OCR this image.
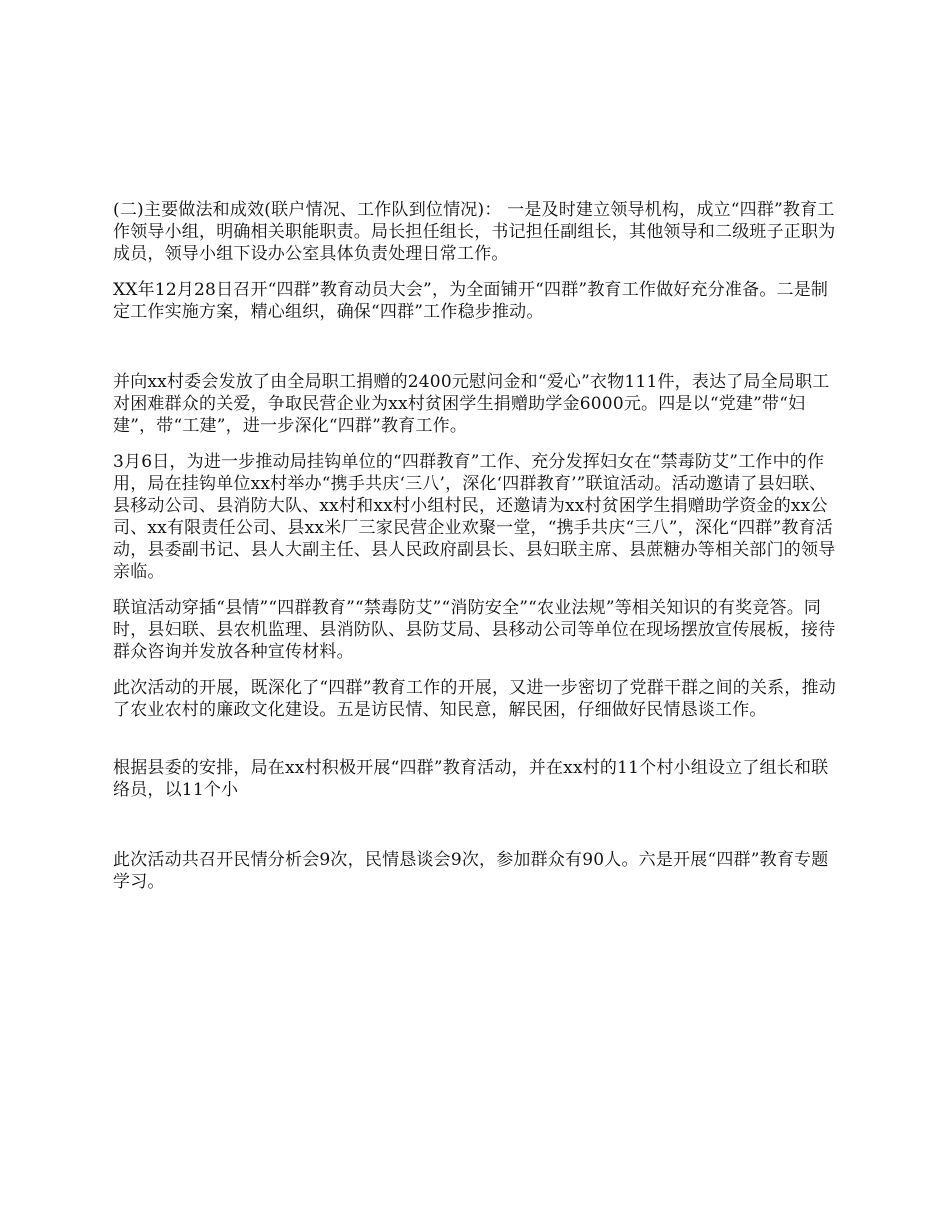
(二)主要做法和成效(联户情况、工作队到位情况)： 一是及时建立领导机构，成立“四群”教育工作领导小组，明确相关职能职责。局长担任组长，书记担任副组长，其他领导和二级班子正职为成员，领导小组下设办公室具体负责处理日常工作。

XX年12月28日召开“四群”教育动员大会”，为全面铺开“四群”教育工作做好充分准备。二是制定工作实施方案，精心组织，确保“四群”工作稳步推动。

并向xx村委会发放了由全局职工捐赠的2400元慰问金和“爱心”衣物111件，表达了局全局职工对困难群众的关爱，争取民营企业为xx村贫困学生捐赠助学金6000元。四是以“党建”带“妇建”，带“工建”，进一步深化“四群”教育工作。

3月6日，为进一步推动局挂钩单位的“四群教育”工作、充分发挥妇女在“禁毒防艾”工作中的作用，局在挂钩单位xx村举办“携手共庆‘三八’，深化‘四群教育’”联谊活动。活动邀请了县妇联、县移动公司、县消防大队、xx村和xx村小组村民，还邀请为xx村贫困学生捐赠助学资金的xx公司、xx有限责任公司、县xx米厂三家民营企业欢聚一堂，“携手共庆“三八”，深化“四群”教育活动，县委副书记、县人大副主任、县人民政府副县长、县妇联主席、县蔗糖办等相关部门的领导亲临。

联谊活动穿插“县情”“四群教育”“禁毒防艾”“消防安全”“农业法规”等相关知识的有奖竞答。同时，县妇联、县农机监理、县消防队、县防艾局、县移动公司等单位在现场摆放宣传展板，接待群众咨询并发放各种宣传材料。

此次活动的开展，既深化了“四群”教育工作的开展，又进一步密切了党群干群之间的关系，推动了农业农村的廉政文化建设。五是访民情、知民意，解民困，仔细做好民情恳谈工作。

根据县委的安排，局在xx村积极开展“四群”教育活动，并在xx村的11个村小组设立了组长和联络员，以11个小

此次活动共召开民情分析会9次，民情恳谈会9次，参加群众有90人。六是开展“四群”教育专题学习。
